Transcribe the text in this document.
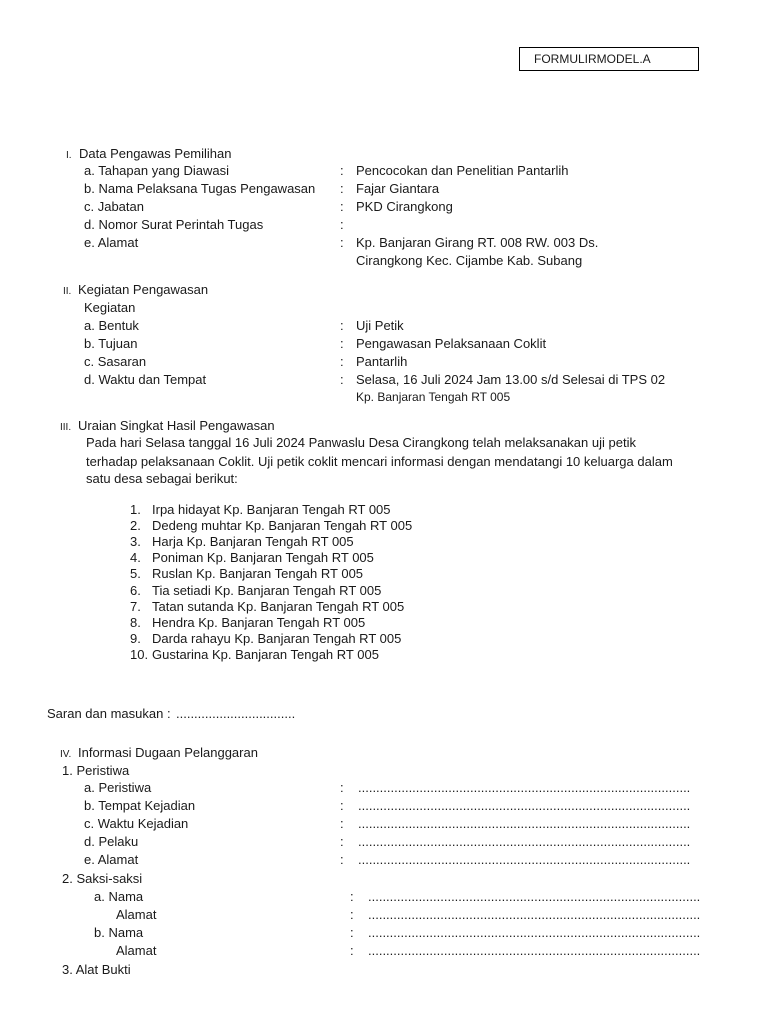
FORMULIRMODEL.A
I. Data Pengawas Pemilihan
a. Tahapan yang Diawasi	: Pencocokan dan Penelitian Pantarlih
b. Nama Pelaksana Tugas Pengawasan : Fajar Giantara
c. Jabatan	: PKD Cirangkong
d. Nomor Surat Perintah Tugas	:
e. Alamat	: Kp. Banjaran Girang RT. 008 RW. 003 Ds.
Cirangkong Kec. Cijambe Kab. Subang
II. Kegiatan Pengawasan
Kegiatan
a. Bentuk	: Uji Petik
b. Tujuan	: Pengawasan Pelaksanaan Coklit
c. Sasaran	: Pantarlih
d. Waktu dan Tempat	: Selasa, 16 Juli 2024 Jam 13.00 s/d Selesai di TPS 02
Kp. Banjaran Tengah RT 005
III. Uraian Singkat Hasil Pengawasan
Pada hari Selasa tanggal 16 Juli 2024 Panwaslu Desa Cirangkong telah melaksanakan uji petik
terhadap pelaksanaan Coklit. Uji petik coklit mencari informasi dengan mendatangi 10 keluarga dalam
satu desa sebagai berikut:
1. Irpa hidayat Kp. Banjaran Tengah RT 005
2. Dedeng muhtar Kp. Banjaran Tengah RT 005
3. Harja Kp. Banjaran Tengah RT 005
4. Poniman Kp. Banjaran Tengah RT 005
5. Ruslan Kp. Banjaran Tengah RT 005
6. Tia setiadi Kp. Banjaran Tengah RT 005
7. Tatan sutanda Kp. Banjaran Tengah RT 005
8. Hendra Kp. Banjaran Tengah RT 005
9. Darda rahayu Kp. Banjaran Tengah RT 005
10. Gustarina Kp. Banjaran Tengah RT 005
Saran dan masukan : .................................
IV. Informasi Dugaan Pelanggaran
1. Peristiwa
a. Peristiwa	: ............................................................................................
b. Tempat Kejadian	: ............................................................................................
c. Waktu Kejadian	: ............................................................................................
d. Pelaku	: ............................................................................................
e. Alamat	: ............................................................................................
2. Saksi-saksi
a. Nama	: ............................................................................................
Alamat	: ............................................................................................
b. Nama	: ............................................................................................
Alamat	: ............................................................................................
3. Alat Bukti
